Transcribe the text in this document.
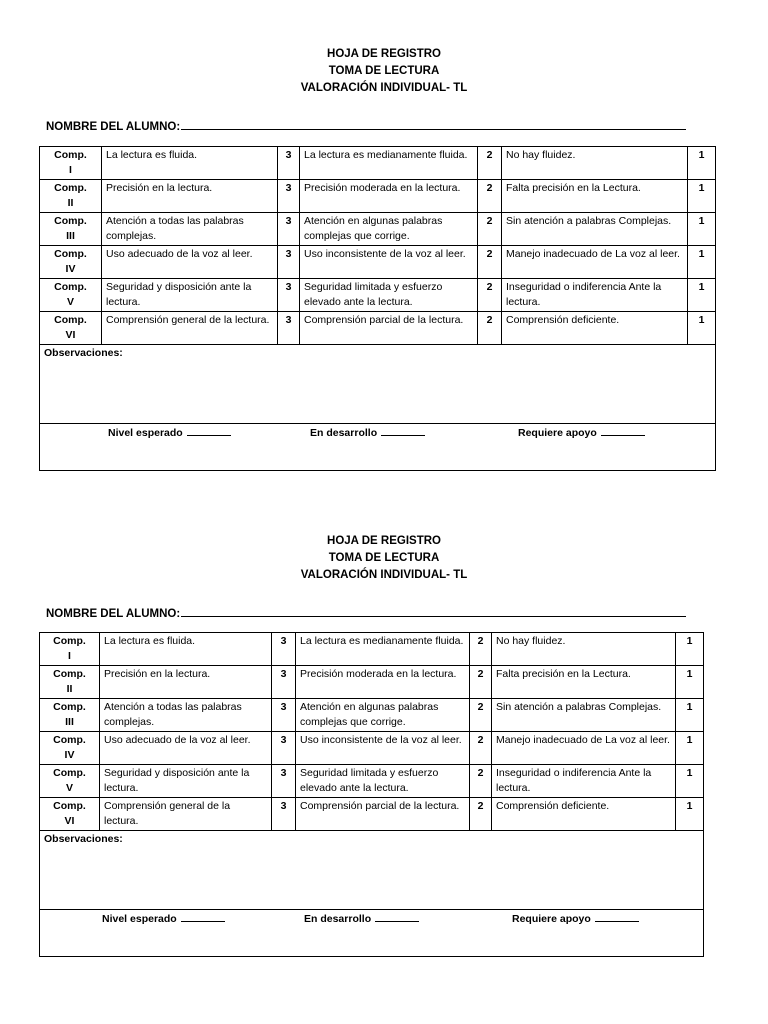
HOJA DE REGISTRO
TOMA DE LECTURA
VALORACIÓN INDIVIDUAL- TL
NOMBRE DEL ALUMNO:
Comp.
I	La lectura es fluida.	3	La lectura es medianamente fluida.	2	No hay fluidez.	1

Comp.
II	Precisión en la lectura.	3	Precisión moderada en la lectura.	2	Falta precisión en la Lectura.	1

Comp.
III	Atención a todas las palabras complejas.	3	Atención en algunas palabras complejas que corrige.	2	Sin atención a palabras Complejas.	1

Comp.
IV	Uso adecuado de la voz al leer.	3	Uso inconsistente de la voz al leer.	2	Manejo inadecuado de La voz al leer.	1

Comp.
V	Seguridad y disposición ante la lectura.	3	Seguridad limitada y esfuerzo elevado ante la lectura.	2	Inseguridad o indiferencia Ante la lectura.	1

Comp.
VI	Comprensión general de la lectura.	3	Comprensión parcial de la lectura.	2	Comprensión deficiente.	1
Observaciones:						

Nivel esperado En desarrollo Requiere apoyo						
HOJA DE REGISTRO
TOMA DE LECTURA
VALORACIÓN INDIVIDUAL- TL
NOMBRE DEL ALUMNO:
Comp.
I	La lectura es fluida.	3	La lectura es medianamente fluida.	2	No hay fluidez.	1

Comp.
II	Precisión en la lectura.	3	Precisión moderada en la lectura.	2	Falta precisión en la Lectura.	1

Comp.
III	Atención a todas las palabras complejas.	3	Atención en algunas palabras complejas que corrige.	2	Sin atención a palabras Complejas.	1

Comp.
IV	Uso adecuado de la voz al leer.	3	Uso inconsistente de la voz al leer.	2	Manejo inadecuado de La voz al leer.	1

Comp.
V	Seguridad y disposición ante la lectura.	3	Seguridad limitada y esfuerzo elevado ante la lectura.	2	Inseguridad o indiferencia Ante la lectura.	1

Comp.
VI	Comprensión general de la lectura.	3	Comprensión parcial de la lectura.	2	Comprensión deficiente.	1
Observaciones:						

Nivel esperado En desarrollo Requiere apoyo						
